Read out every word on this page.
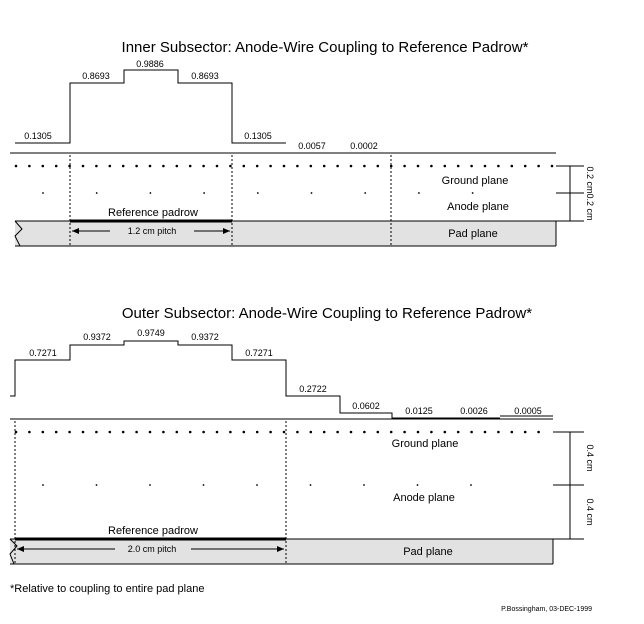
Inner Subsector: Anode-Wire Coupling to Reference Padrow*
0.1305
0.8693
0.9886
0.8693
0.1305
0.0057	0.0002
Ground plane
Anode plane
Pad plane
Reference padrow
1.2 cm pitch
0.2 cm
0.2 cm
Outer Subsector: Anode-Wire Coupling to Reference Padrow*
0.7271
0.9372	0.9749	0.9372
0.7271
0.2722
0.0602	0.0125	0.0026	0.0005
Ground plane
Anode plane
Pad plane
Reference padrow
2.0 cm pitch
0.4 cm
0.4 cm
*Relative to coupling to entire pad plane
P.Bossingham, 03-DEC-1999
